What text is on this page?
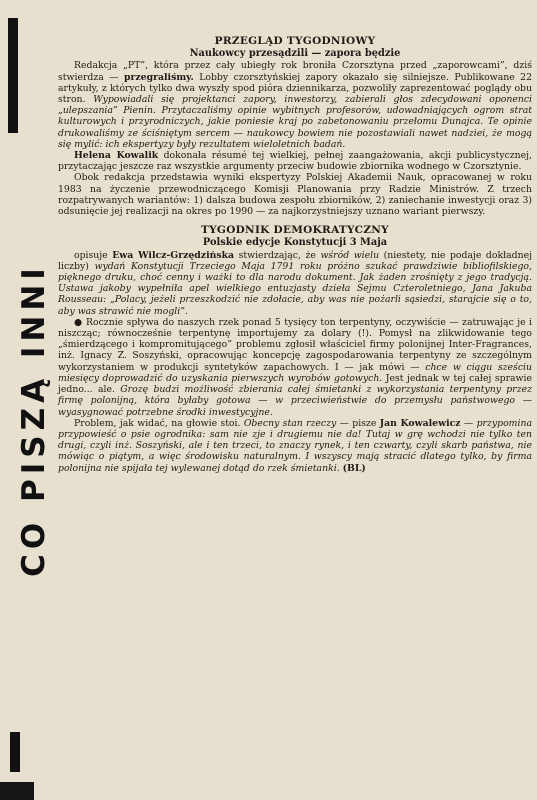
CO PISZĄ INNI
PRZEGLĄD TYGODNIOWY
Naukowcy przesądzili — zapora będzie

Redakcja „PT”, która przez cały ubiegły rok broniła Czorsztyna przed „zaporowcami”, dziś stwierdza — przegraliśmy. Lobby czorsztyńskiej zapory okazało się silniejsze. Publikowane 22 artykuły, z których tylko dwa wyszły spod pióra dziennikarza, pozwoliły zaprezentować poglądy obu stron. Wypowiadali się projektanci zapory, inwestorzy, zabierali głos zdecydowani oponenci „ulepszania” Pienin. Przytaczaliśmy opinie wybitnych profesorów, udowadniających ogrom strat kulturowych i przyrodniczych, jakie poniesie kraj po zabetonowaniu przełomu Dunajca. Te opinie drukowaliśmy ze ściśniętym sercem — naukowcy bowiem nie pozostawiali nawet nadziei, że mogą się mylić: ich ekspertyzy były rezultatem wieloletnich badań.

Helena Kowalik dokonała résumé tej wielkiej, pełnej zaangażowania, akcji publicystycznej, przytaczając jeszcze raz wszystkie argumenty przeciw budowie zbiornika wodnego w Czorsztynie.

Obok redakcja przedstawia wyniki ekspertyzy Polskiej Akademii Nauk, opracowanej w roku 1983 na życzenie przewodniczącego Komisji Planowania przy Radzie Ministrów. Z trzech rozpatrywanych wariantów: 1) dalsza budowa zespołu zbiorników, 2) zaniechanie inwestycji oraz 3) odsunięcie jej realizacji na okres po 1990 — za najkorzystniejszy uznano wariant pierwszy.

TYGODNIK DEMOKRATYCZNY
Polskie edycje Konstytucji 3 Maja

opisuje Ewa Wilcz-Grzędzińska stwierdzając, że wśród wielu (niestety, nie podaje dokładnej liczby) wydań Konstytucji Trzeciego Maja 1791 roku próżno szukać prawdziwie bibliofilskiego, pięknego druku, choć cenny i ważki to dla narodu dokument. Jak żaden zrośnięty z jego tradycją. Ustawa jakoby wypełniła apel wielkiego entuzjasty dzieła Sejmu Czteroletniego, Jana Jakuba Rousseau: „Polacy, jeżeli przeszkodzić nie zdołacie, aby was nie pożarli sąsiedzi, starajcie się o to, aby was strawić nie mogli”.

● Rocznie spływa do naszych rzek ponad 5 tysięcy ton terpentyny, oczywiście — zatruwając je i niszcząc; równocześnie terpentynę importujemy za dolary (!). Pomysł na zlikwidowanie tego „śmierdzącego i kompromitującego” problemu zgłosił właściciel firmy polonijnej Inter-Fragrances, inż. Ignacy Z. Soszyński, opracowując koncepcję zagospodarowania terpentyny ze szczególnym wykorzystaniem w produkcji syntetyków zapachowych. I — jak mówi — chce w ciągu sześciu miesięcy doprowadzić do uzyskania pierwszych wyrobów gotowych. Jest jednak w tej całej sprawie jedno... ale. Grozę budzi możliwość zbierania całej śmietanki z wykorzystania terpentyny przez firmę polonijną, która byłaby gotowa — w przeciwieństwie do przemysłu państwowego — wyasygnować potrzebne środki inwestycyjne.

Problem, jak widać, na głowie stoi. Obecny stan rzeczy — pisze Jan Kowalewicz — przypomina przypowieść o psie ogrodnika: sam nie zje i drugiemu nie da! Tutaj w grę wchodzi nie tylko ten drugi, czyli inż. Soszyński, ale i ten trzeci, to znaczy rynek, i ten czwarty, czyli skarb państwa, nie mówiąc o piątym, a więc środowisku naturalnym. I wszyscy mają stracić dlatego tylko, by firma polonijna nie spijała tej wylewanej dotąd do rzek śmietanki. (BL)
